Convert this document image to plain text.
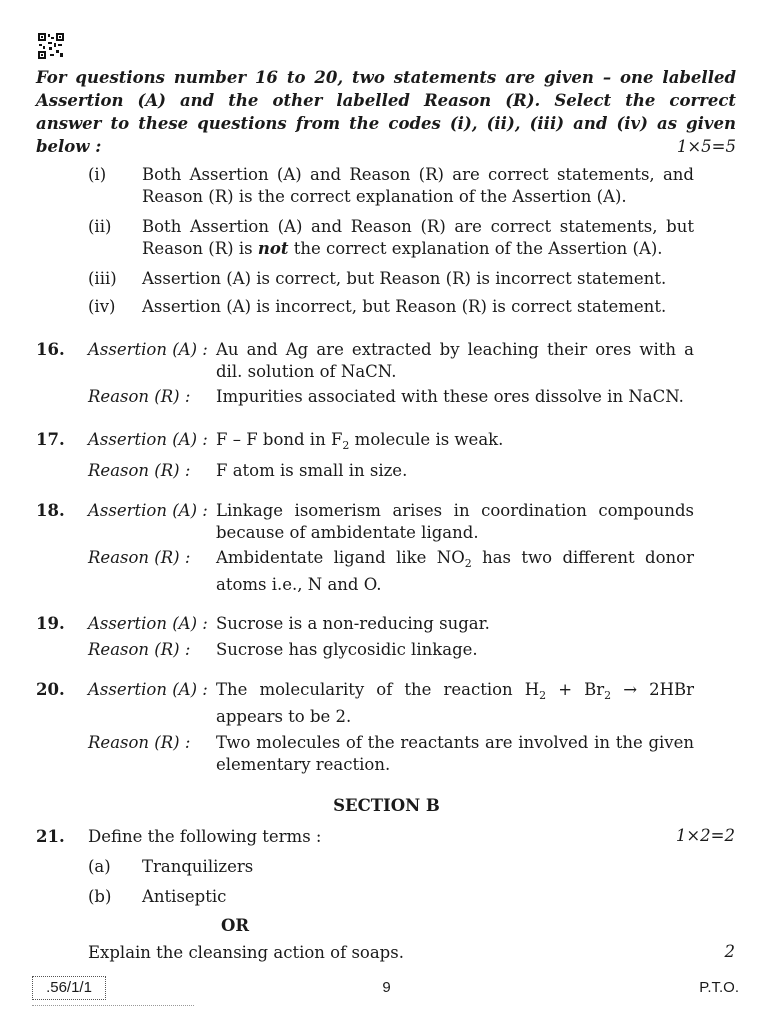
For questions number 16 to 20, two statements are given – one labelled
Assertion (A) and the other labelled Reason (R). Select the correct
answer to these questions from the codes (i), (ii), (iii) and (iv) as given
below :	1×5=5
(i) Both Assertion (A) and Reason (R) are correct statements, and Reason (R) is the correct explanation of the Assertion (A).
(ii) Both Assertion (A) and Reason (R) are correct statements, but Reason (R) is not the correct explanation of the Assertion (A).
(iii) Assertion (A) is correct, but Reason (R) is incorrect statement.
(iv) Assertion (A) is incorrect, but Reason (R) is correct statement.
16. Assertion (A) : Au and Ag are extracted by leaching their ores with a dil. solution of NaCN.
Reason (R) : Impurities associated with these ores dissolve in NaCN.
17. Assertion (A) : F – F bond in $F_2$ molecule is weak.
Reason (R) : F atom is small in size.
18. Assertion (A) : Linkage isomerism arises in coordination compounds because of ambidentate ligand.
Reason (R) : Ambidentate ligand like $NO_2$ has two different donor
atoms i.e., N and O.
19. Assertion (A) : Sucrose is a non-reducing sugar.
Reason (R) : Sucrose has glycosidic linkage.
20. Assertion (A) : The molecularity of the reaction $H_2 + Br_2 \to 2HBr$
appears to be 2.
Reason (R) : Two molecules of the reactants are involved in the given elementary reaction.
SECTION B
21. Define the following terms :	1×2=2
(a) Tranquilizers
(b) Antiseptic
OR
Explain the cleansing action of soaps.	2
.56/1/1	9	P.T.O.
